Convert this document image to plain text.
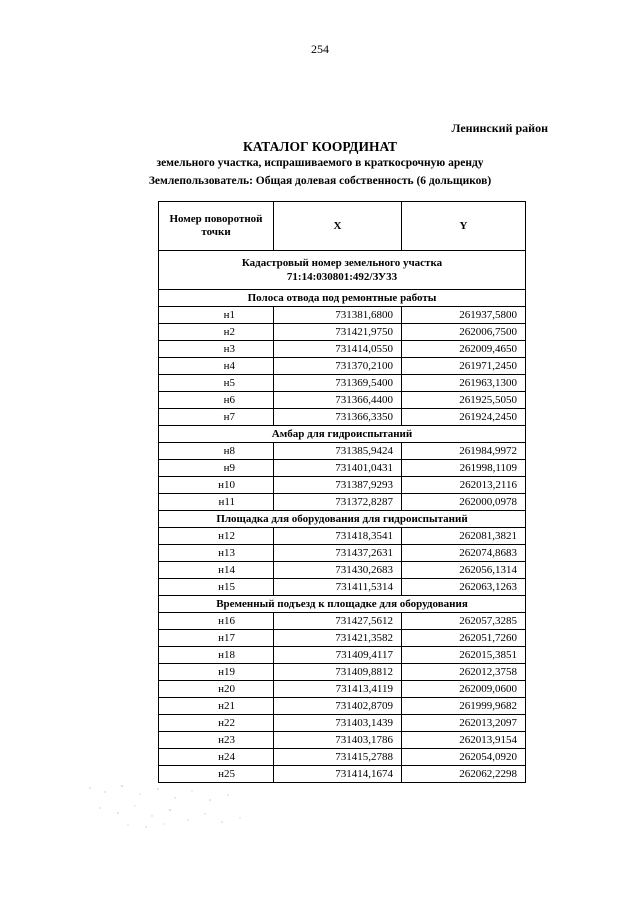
254
Ленинский район
КАТАЛОГ КООРДИНАТ
земельного участка, испрашиваемого в краткосрочную аренду
Землепользователь: Общая долевая собственность (6 дольщиков)
Номер поворотной точки	X	Y

Кадастровый номер земельного участка
71:14:030801:492/ЗУ33		

Полоса отвода под ремонтные работы		
н1	731381,6800	261937,5800
н2	731421,9750	262006,7500
н3	731414,0550	262009,4650
н4	731370,2100	261971,2450
н5	731369,5400	261963,1300
н6	731366,4400	261925,5050
н7	731366,3350	261924,2450
Амбар для гидроиспытаний		
н8	731385,9424	261984,9972
н9	731401,0431	261998,1109
н10	731387,9293	262013,2116
н11	731372,8287	262000,0978
Площадка для оборудования для гидроиспытаний		
н12	731418,3541	262081,3821
н13	731437,2631	262074,8683
н14	731430,2683	262056,1314
н15	731411,5314	262063,1263
Временный подъезд к площадке для оборудования		
н16	731427,5612	262057,3285
н17	731421,3582	262051,7260
н18	731409,4117	262015,3851
н19	731409,8812	262012,3758
н20	731413,4119	262009,0600
н21	731402,8709	261999,9682
н22	731403,1439	262013,2097
н23	731403,1786	262013,9154
н24	731415,2788	262054,0920
н25	731414,1674	262062,2298
